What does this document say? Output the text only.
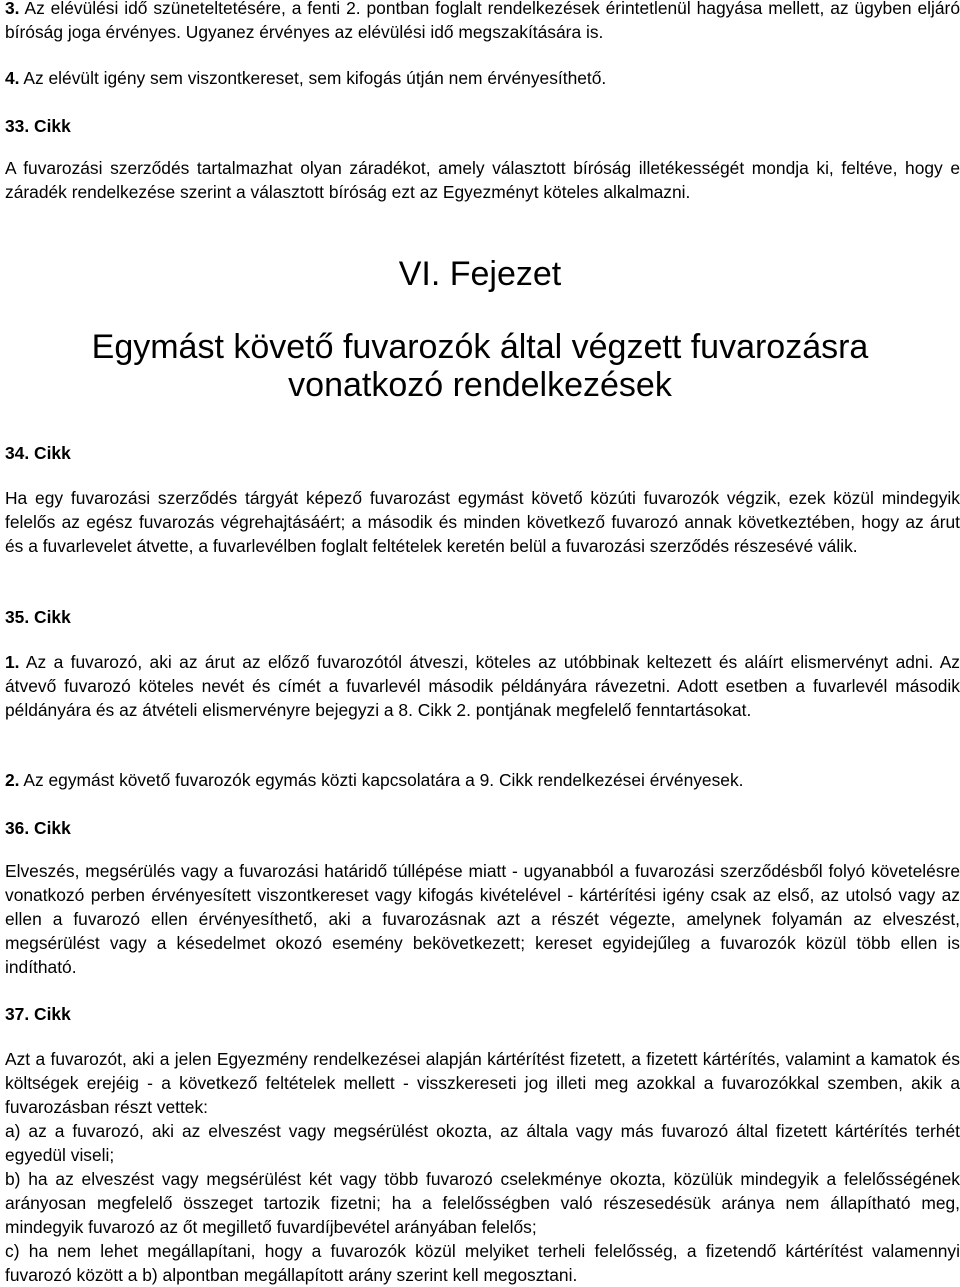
3. Az elévülési idő szüneteltetésére, a fenti 2. pontban foglalt rendelkezések érintetlenül hagyása mellett, az ügyben eljáró bíróság joga érvényes. Ugyanez érvényes az elévülési idő megszakítására is.

4. Az elévült igény sem viszontkereset, sem kifogás útján nem érvényesíthető.

33. Cikk

A fuvarozási szerződés tartalmazhat olyan záradékot, amely választott bíróság illetékességét mondja ki, feltéve, hogy e záradék rendelkezése szerint a választott bíróság ezt az Egyezményt köteles alkalmazni.

VI. Fejezet
Egymást követő fuvarozók által végzett fuvarozásra
vonatkozó rendelkezések
34. Cikk

Ha egy fuvarozási szerződés tárgyát képező fuvarozást egymást követő közúti fuvarozók végzik, ezek közül mindegyik felelős az egész fuvarozás végrehajtásáért; a második és minden következő fuvarozó annak következtében, hogy az árut és a fuvarlevelet átvette, a fuvarlevélben foglalt feltételek keretén belül a fuvarozási szerződés részesévé válik.

35. Cikk

1. Az a fuvarozó, aki az árut az előző fuvarozótól átveszi, köteles az utóbbinak keltezett és aláírt elismervényt adni. Az átvevő fuvarozó köteles nevét és címét a fuvarlevél második példányára rávezetni. Adott esetben a fuvarlevél második példányára és az átvételi elismervényre bejegyzi a 8. Cikk 2. pontjának megfelelő fenntartásokat.

2. Az egymást követő fuvarozók egymás közti kapcsolatára a 9. Cikk rendelkezései érvényesek.

36. Cikk

Elveszés, megsérülés vagy a fuvarozási határidő túllépése miatt - ugyanabból a fuvarozási szerződésből folyó követelésre vonatkozó perben érvényesített viszontkereset vagy kifogás kivételével - kártérítési igény csak az első, az utolsó vagy az ellen a fuvarozó ellen érvényesíthető, aki a fuvarozásnak azt a részét végezte, amelynek folyamán az elveszést, megsérülést vagy a késedelmet okozó esemény bekövetkezett; kereset egyidejűleg a fuvarozók közül több ellen is indítható.

37. Cikk

Azt a fuvarozót, aki a jelen Egyezmény rendelkezései alapján kártérítést fizetett, a fizetett kártérítés, valamint a kamatok és költségek erejéig - a következő feltételek mellett - visszkereseti jog illeti meg azokkal a fuvarozókkal szemben, akik a fuvarozásban részt vettek:

a) az a fuvarozó, aki az elveszést vagy megsérülést okozta, az általa vagy más fuvarozó által fizetett kártérítés terhét egyedül viseli;

b) ha az elveszést vagy megsérülést két vagy több fuvarozó cselekménye okozta, közülük mindegyik a felelősségének arányosan megfelelő összeget tartozik fizetni; ha a felelősségben való részesedésük aránya nem állapítható meg, mindegyik fuvarozó az őt megillető fuvardíjbevétel arányában felelős;

c) ha nem lehet megállapítani, hogy a fuvarozók közül melyiket terheli felelősség, a fizetendő kártérítést valamennyi fuvarozó között a b) alpontban megállapított arány szerint kell megosztani.
